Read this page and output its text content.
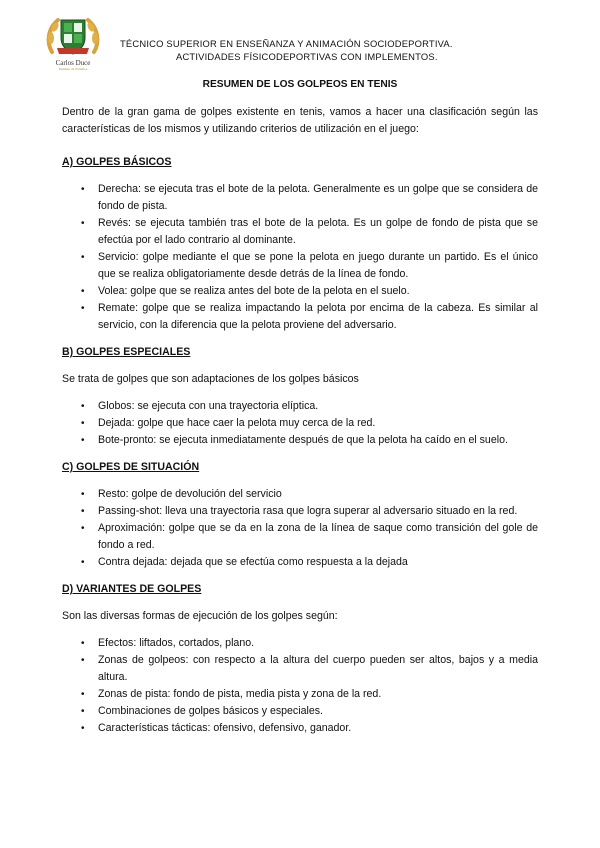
Carlos Duce
Instituto de Estudios
TÉCNICO SUPERIOR EN ENSEÑANZA Y ANIMACIÓN SOCIODEPORTIVA.
ACTIVIDADES FÍSICODEPORTIVAS CON IMPLEMENTOS.
RESUMEN DE LOS GOLPEOS EN TENIS

Dentro de la gran gama de golpes existente en tenis, vamos a hacer una clasificación según las características de los mismos y utilizando criterios de utilización en el juego:

A) GOLPES BÁSICOS
• Derecha: se ejecuta tras el bote de la pelota. Generalmente es un golpe que se considera de fondo de pista.
• Revés: se ejecuta también tras el bote de la pelota. Es un golpe de fondo de pista que se efectúa por el lado contrario al dominante.
• Servicio: golpe mediante el que se pone la pelota en juego durante un partido. Es el único que se realiza obligatoriamente desde detrás de la línea de fondo.
• Volea: golpe que se realiza antes del bote de la pelota en el suelo.
• Remate: golpe que se realiza impactando la pelota por encima de la cabeza. Es similar al servicio, con la diferencia que la pelota proviene del adversario.
B) GOLPES ESPECIALES

Se trata de golpes que son adaptaciones de los golpes básicos

• Globos: se ejecuta con una trayectoria elíptica.
• Dejada: golpe que hace caer la pelota muy cerca de la red.
• Bote-pronto: se ejecuta inmediatamente después de que la pelota ha caído en el suelo.
C) GOLPES DE SITUACIÓN
• Resto: golpe de devolución del servicio
• Passing-shot: lleva una trayectoria rasa que logra superar al adversario situado en la red.
• Aproximación: golpe que se da en la zona de la línea de saque como transición del gole de fondo a red.
• Contra dejada: dejada que se efectúa como respuesta a la dejada
D) VARIANTES DE GOLPES

Son las diversas formas de ejecución de los golpes según:

• Efectos: liftados, cortados, plano.
• Zonas de golpeos: con respecto a la altura del cuerpo pueden ser altos, bajos y a media altura.
• Zonas de pista: fondo de pista, media pista y zona de la red.
• Combinaciones de golpes básicos y especiales.
• Características tácticas: ofensivo, defensivo, ganador.
